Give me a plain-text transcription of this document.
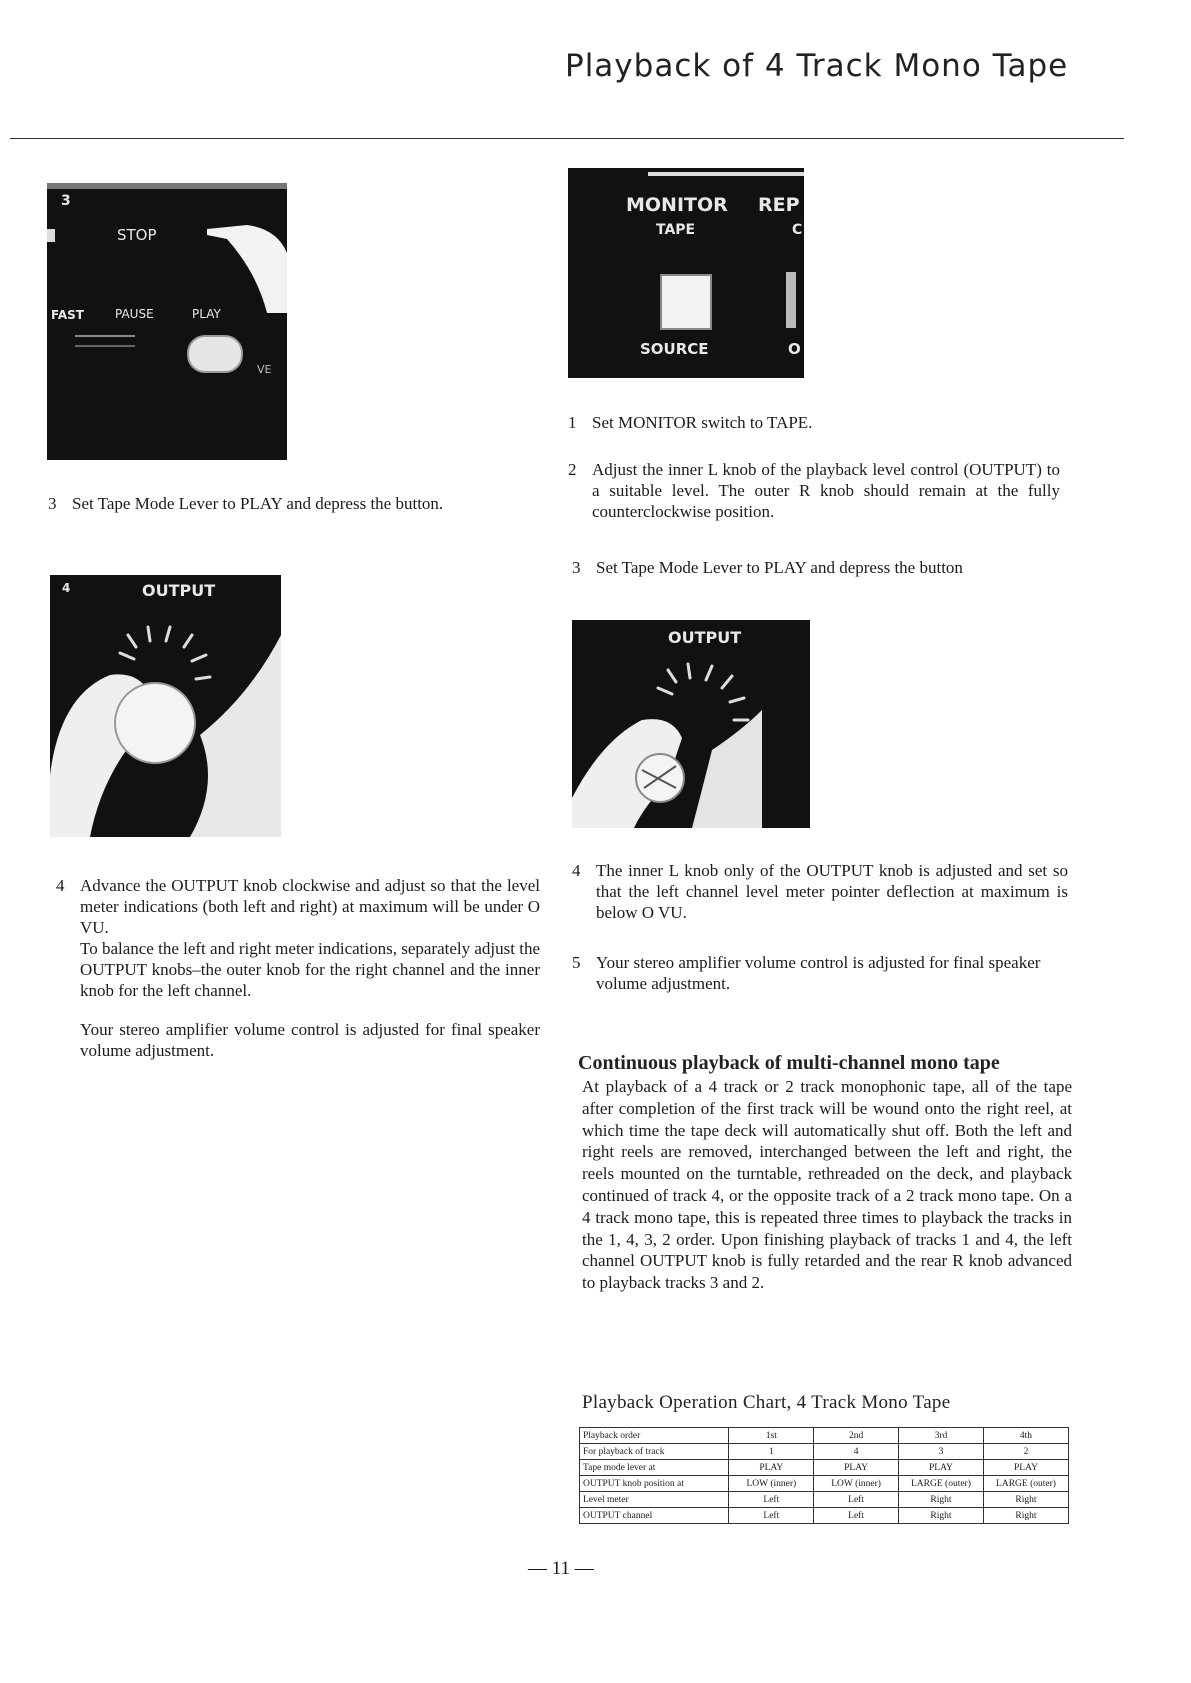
Playback of 4 Track Mono Tape
3
STOP
FAST	PAUSE	PLAY
VE
3 Set Tape Mode Lever to PLAY and depress the button.
4	OUTPUT
4 Advance the OUTPUT knob clockwise and adjust so that the level meter indications (both left and right) at maximum will be under O VU.

To balance the left and right meter indications, separately adjust the OUTPUT knobs–the outer knob for the right channel and the inner knob for the left channel.

Your stereo amplifier volume control is adjusted for final speaker volume adjustment.

MONITOR REP
TAPE	C
SOURCE	O
1 Set MONITOR switch to TAPE.
2 Adjust the inner L knob of the playback level control (OUTPUT) to a suitable level. The outer R knob should remain at the fully counterclockwise position.
3 Set Tape Mode Lever to PLAY and depress the button
OUTPUT
4 The inner L knob only of the OUTPUT knob is adjusted and set so that the left channel level meter pointer deflection at maximum is below O VU.
5 Your stereo amplifier volume control is adjusted for final speaker volume adjustment.
Continuous playback of multi-channel mono tape
At playback of a 4 track or 2 track monophonic tape, all of the tape after completion of the first track will be wound onto the right reel, at which time the tape deck will automatically shut off. Both the left and right reels are removed, interchanged between the left and right, the reels mounted on the turntable, rethreaded on the deck, and playback continued of track 4, or the opposite track of a 2 track mono tape. On a 4 track mono tape, this is repeated three times to playback the tracks in the 1, 4, 3, 2 order. Upon finishing playback of tracks 1 and 4, the left channel OUTPUT knob is fully retarded and the rear R knob advanced to playback tracks 3 and 2.
Playback Operation Chart, 4 Track Mono Tape
Playback order	1st	2nd	3rd	4th
For playback of track	1	4	3	2
Tape mode lever at	PLAY	PLAY	PLAY	PLAY
OUTPUT knob position at	LOW (inner)	LOW (inner)	LARGE (outer)	LARGE (outer)
Level meter	Left	Left	Right	Right
OUTPUT channel	Left	Left	Right	Right
— 11 —
